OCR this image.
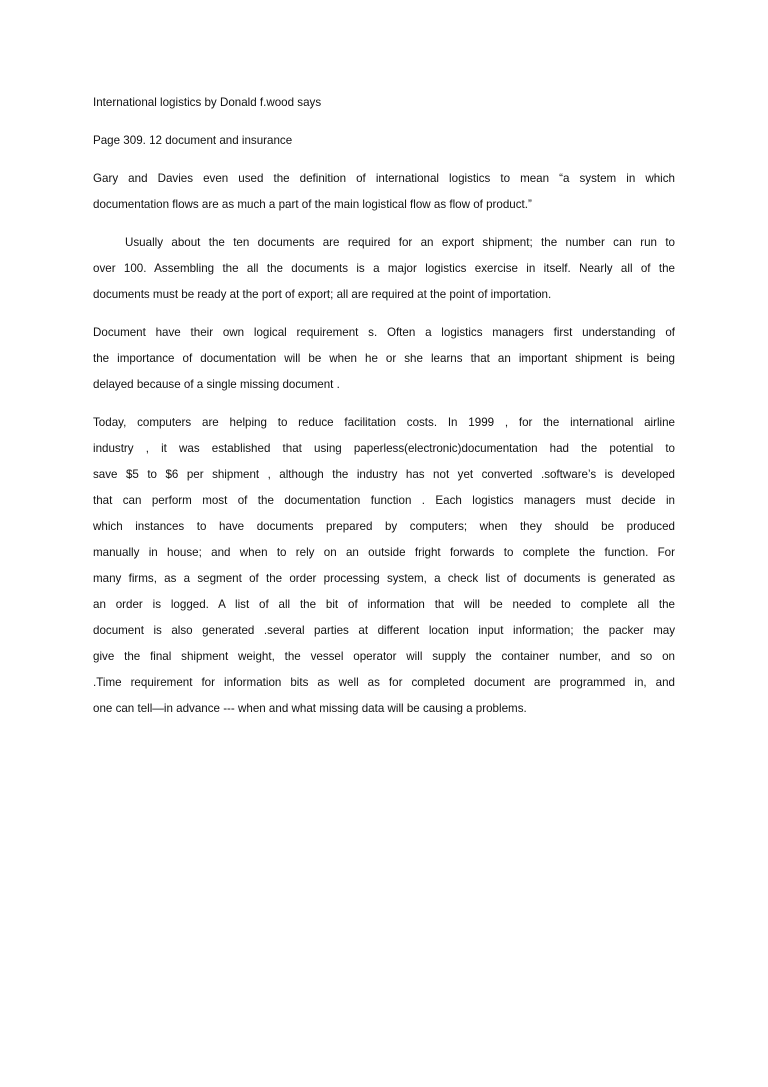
International logistics by Donald f.wood says
Page 309. 12 document and insurance
Gary and Davies even used the definition of international logistics to mean “a system in which
documentation flows are as much a part of the main logistical flow as flow of product.”
Usually about the ten documents are required for an export shipment; the number can run to
over 100. Assembling the all the documents is a major logistics exercise in itself. Nearly all of the
documents must be ready at the port of export; all are required at the point of importation.
Document have their own logical requirement s. Often a logistics managers first understanding of
the importance of documentation will be when he or she learns that an important shipment is being
delayed because of a single missing document .
Today, computers are helping to reduce facilitation costs. In 1999 , for the international airline
industry , it was established that using paperless(electronic)documentation had the potential to
save $5 to $6 per shipment , although the industry has not yet converted .software’s is developed
that can perform most of the documentation function . Each logistics managers must decide in
which instances to have documents prepared by computers; when they should be produced
manually in house; and when to rely on an outside fright forwards to complete the function. For
many firms, as a segment of the order processing system, a check list of documents is generated as
an order is logged. A list of all the bit of information that will be needed to complete all the
document is also generated .several parties at different location input information; the packer may
give the final shipment weight, the vessel operator will supply the container number, and so on
.Time requirement for information bits as well as for completed document are programmed in, and
one can tell—in advance --- when and what missing data will be causing a problems.
